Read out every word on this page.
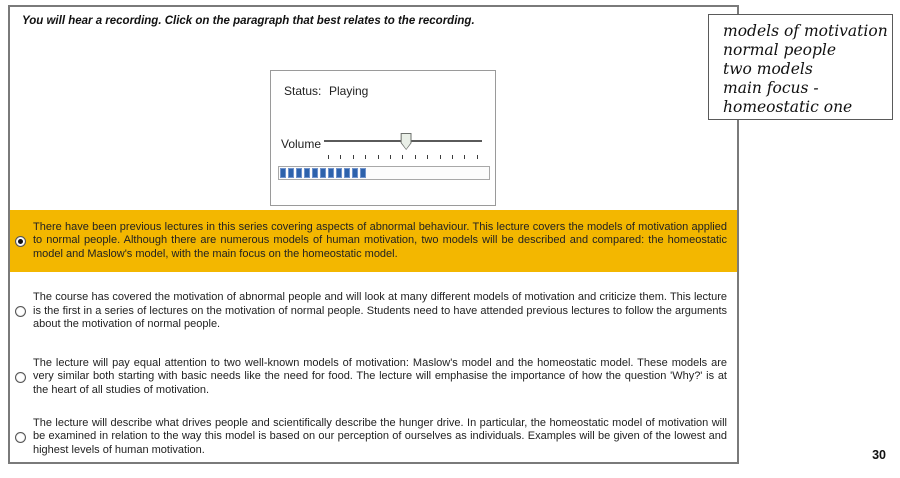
You will hear a recording. Click on the paragraph that best relates to the recording.
Status: Playing
Volume
There have been previous lectures in this series covering aspects of abnormal behaviour. This lecture covers the models of motivation applied to normal people. Although there are numerous models of human motivation, two models will be described and compared: the homeostatic model and Maslow's model, with the main focus on the homeostatic model.
The course has covered the motivation of abnormal people and will look at many different models of motivation and criticize them. This lecture is the first in a series of lectures on the motivation of normal people. Students need to have attended previous lectures to follow the arguments about the motivation of normal people.
The lecture will pay equal attention to two well-known models of motivation: Maslow's model and the homeostatic model. These models are very similar both starting with basic needs like the need for food. The lecture will emphasise the importance of how the question 'Why?' is at the heart of all studies of motivation.
The lecture will describe what drives people and scientifically describe the hunger drive. In particular, the homeostatic model of motivation will be examined in relation to the way this model is based on our perception of ourselves as individuals. Examples will be given of the lowest and highest levels of human motivation.
models of motivation
normal people
two models
main focus -
homeostatic one
30
